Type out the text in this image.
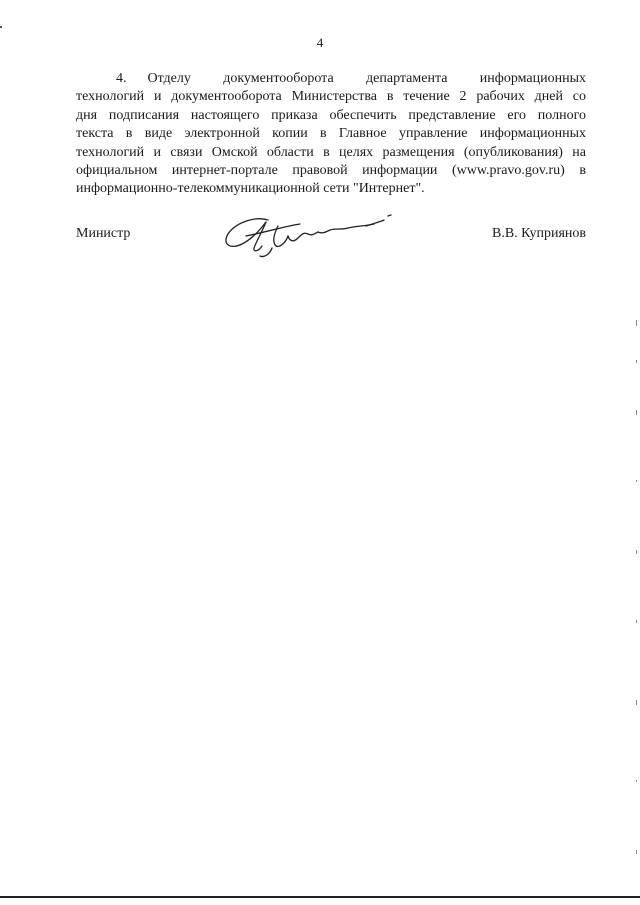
4
4.   Отделу документооборота департамента информационных
технологий и документооборота Министерства в течение 2 рабочих дней со
дня подписания настоящего приказа обеспечить представление его полного
текста в виде электронной копии в Главное управление информационных
технологий и связи Омской области в целях размещения (опубликования) на
официальном интернет-портале правовой информации (www.pravo.gov.ru) в
информационно-телекоммуникационной сети "Интернет".
Министр	В.В. Куприянов
